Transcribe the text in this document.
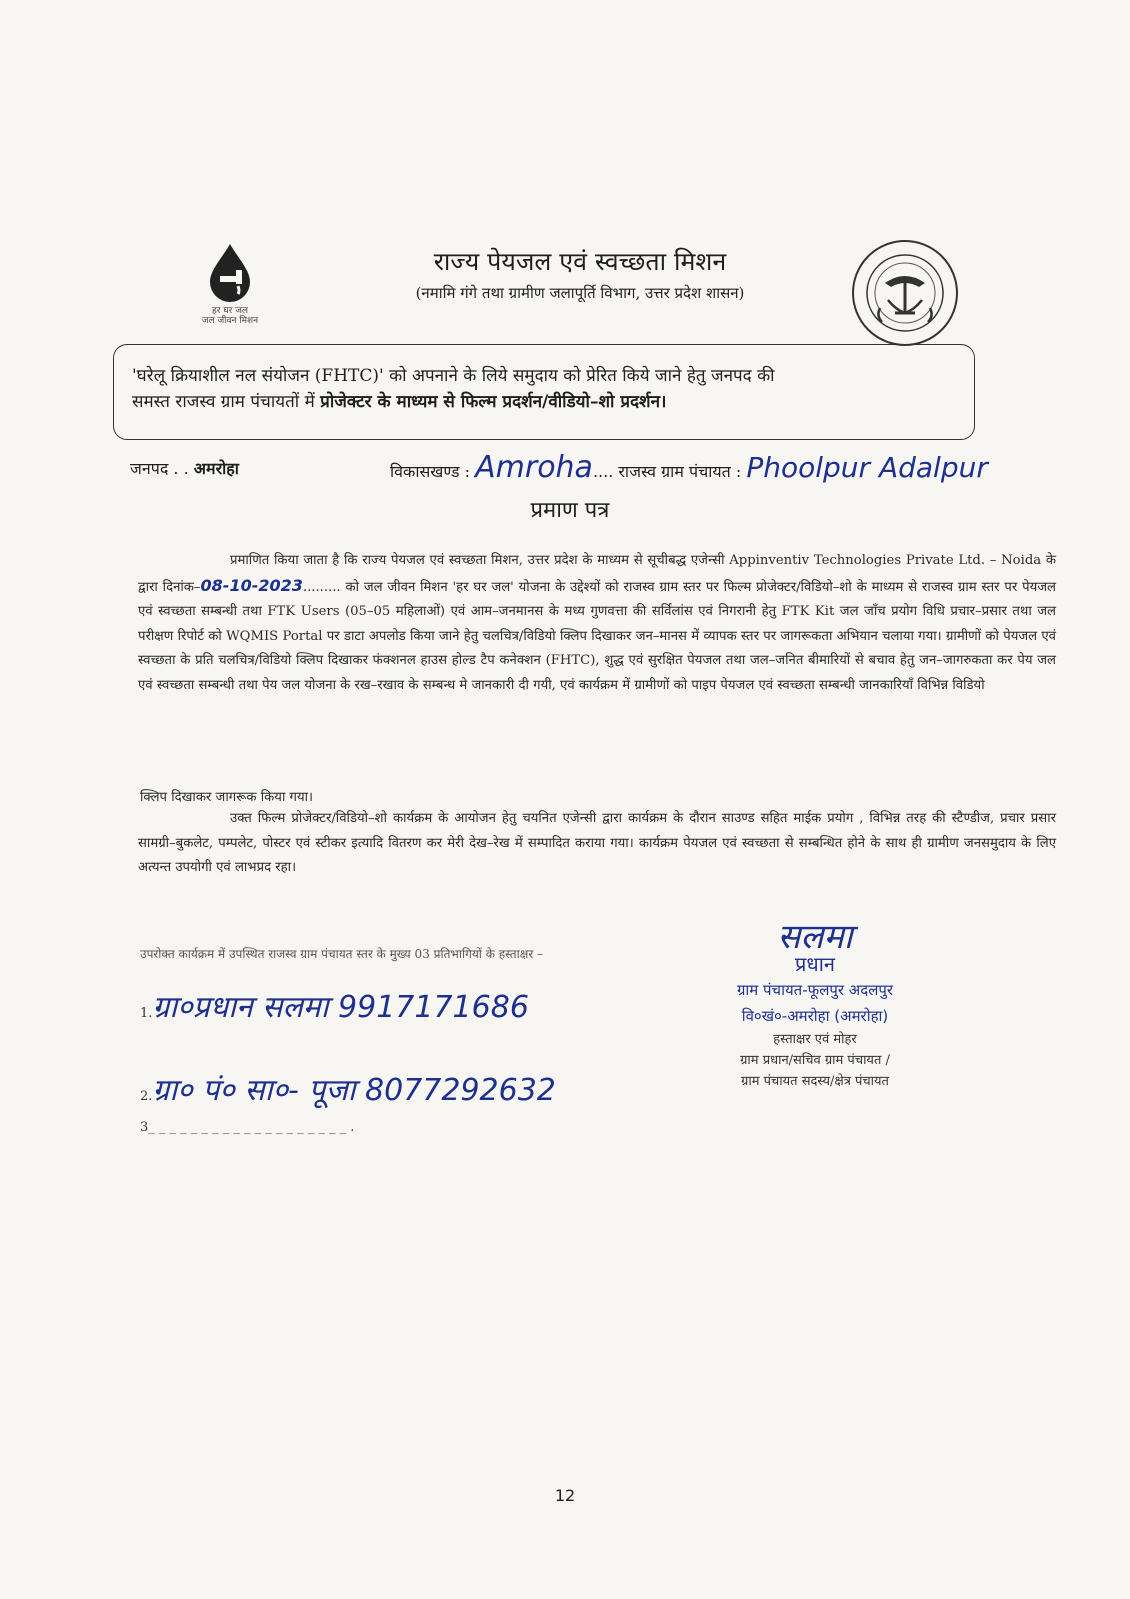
हर घर जल
जल जीवन मिशन
राज्य पेयजल एवं स्वच्छता मिशन
(नमामि गंगे तथा ग्रामीण जलापूर्ति विभाग, उत्तर प्रदेश शासन)
'घरेलू क्रियाशील नल संयोजन (FHTC)' को अपनाने के लिये समुदाय को प्रेरित किये जाने हेतु जनपद की
समस्त राजस्व ग्राम पंचायतों में प्रोजेक्टर के माध्यम से फिल्म प्रदर्शन/वीडियो–शो प्रदर्शन।
जनपद . . अमरोहा	विकासखण्ड : Amroha.... राजस्व ग्राम पंचायत : Phoolpur Adalpur
प्रमाण पत्र
प्रमाणित किया जाता है कि राज्य पेयजल एवं स्वच्छता मिशन, उत्तर प्रदेश के माध्यम से सूचीबद्ध एजेन्सी Appinventiv Technologies Private Ltd. – Noida के द्वारा दिनांक–08-10-2023......... को जल जीवन मिशन 'हर घर जल' योजना के उद्देश्यों को राजस्व ग्राम स्तर पर फिल्म प्रोजेक्टर/विडियो–शो के माध्यम से राजस्व ग्राम स्तर पर पेयजल एवं स्वच्छता सम्बन्धी तथा FTK Users (05–05 महिलाओं) एवं आम–जनमानस के मध्य गुणवत्ता की सर्विलांस एवं निगरानी हेतु FTK Kit जल जाँच प्रयोग विधि प्रचार–प्रसार तथा जल परीक्षण रिपोर्ट को WQMIS Portal पर डाटा अपलोड किया जाने हेतु चलचित्र/विडियो क्लिप दिखाकर जन–मानस में व्यापक स्तर पर जागरूकता अभियान चलाया गया। ग्रामीणों को पेयजल एवं स्वच्छता के प्रति चलचित्र/विडियो क्लिप दिखाकर फंक्शनल हाउस होल्ड टैप कनेक्शन (FHTC), शुद्ध एवं सुरक्षित पेयजल तथा जल–जनित बीमारियों से बचाव हेतु जन–जागरुकता कर पेय जल एवं स्वच्छता सम्बन्धी तथा पेय जल योजना के रख–रखाव के सम्बन्ध मे जानकारी दी गयी, एवं कार्यक्रम में ग्रामीणों को पाइप पेयजल एवं स्वच्छता सम्बन्धी जानकारियाँ विभिन्न विडियो
क्लिप दिखाकर जागरूक किया गया।
उक्त फिल्म प्रोजेक्टर/विडियो–शो कार्यक्रम के आयोजन हेतु चयनित एजेन्सी द्वारा कार्यक्रम के दौरान साउण्ड सहित माईक प्रयोग , विभिन्न तरह की स्टैण्डीज, प्रचार प्रसार सामग्री–बुकलेट, पम्पलेट, पोस्टर एवं स्टीकर इत्यादि वितरण कर मेरी देख–रेख में सम्पादित कराया गया। कार्यक्रम पेयजल एवं स्वच्छता से सम्बन्धित होने के साथ ही ग्रामीण जनसमुदाय के लिए अत्यन्त उपयोगी एवं लाभप्रद रहा।
उपरोक्त कार्यक्रम में उपस्थित राजस्व ग्राम पंचायत स्तर के मुख्य 03 प्रतिभागियों के हस्ताक्षर –
1.ग्रा०प्रधान सलमा 9917171686
2.ग्रा० पं० सा०- पूजा 8077292632
3_ _ _ _ _ _ _ _ _ _ _ _ _ _ _ _ _ _ _ .
सलमा
प्रधान
ग्राम पंचायत-फूलपुर अदलपुर
वि०खं०-अमरोहा (अमरोहा)
हस्ताक्षर एवं मोहर
ग्राम प्रधान/सचिव ग्राम पंचायत /
ग्राम पंचायत सदस्य/क्षेत्र पंचायत
12
